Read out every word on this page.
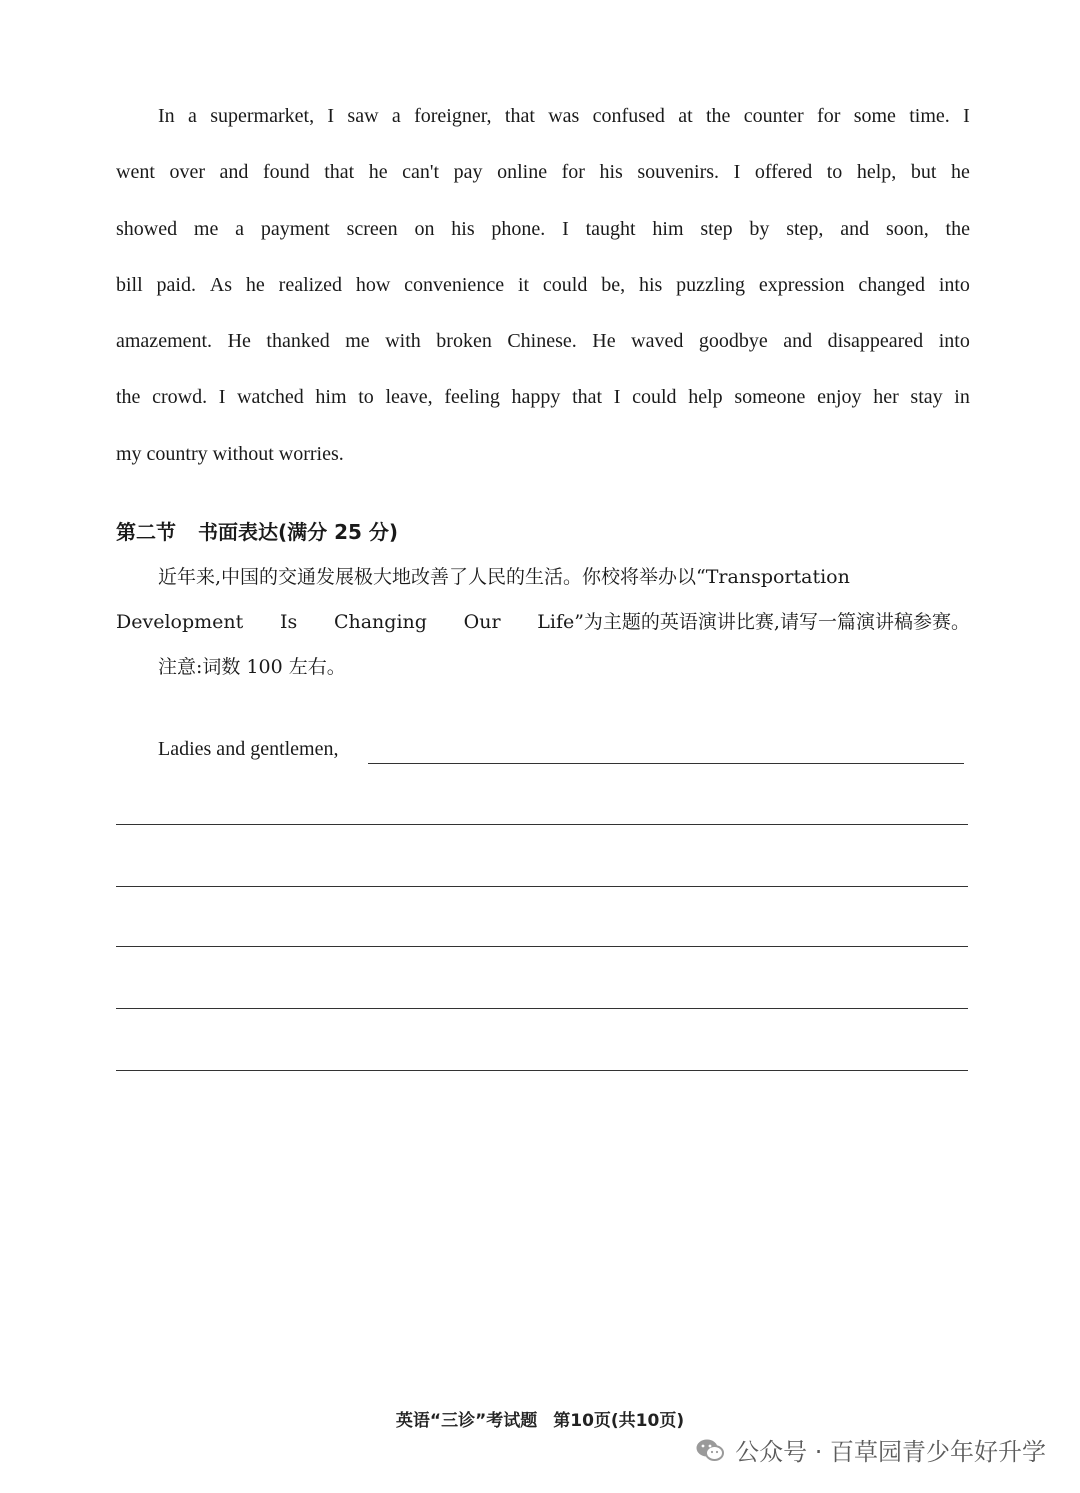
In a supermarket, I saw a foreigner, that was confused at the counter for some time. I
went over and found that he can't pay online for his souvenirs. I offered to help, but he
showed me a payment screen on his phone. I taught him step by step, and soon, the
bill paid. As he realized how convenience it could be, his puzzling expression changed into
amazement. He thanked me with broken Chinese. He waved goodbye and disappeared into
the crowd. I watched him to leave, feeling happy that I could help someone enjoy her stay in
my country without worries.
第二节 书面表达(满分 25 分)
近年来,中国的交通发展极大地改善了人民的生活。你校将举办以“Transportation
Development Is Changing Our Life”为主题的英语演讲比赛,请写一篇演讲稿参赛。
注意:词数 100 左右。
Ladies and gentlemen,
英语“三诊”考试题 第10页(共10页)
公众号 · 百草园青少年好升学
